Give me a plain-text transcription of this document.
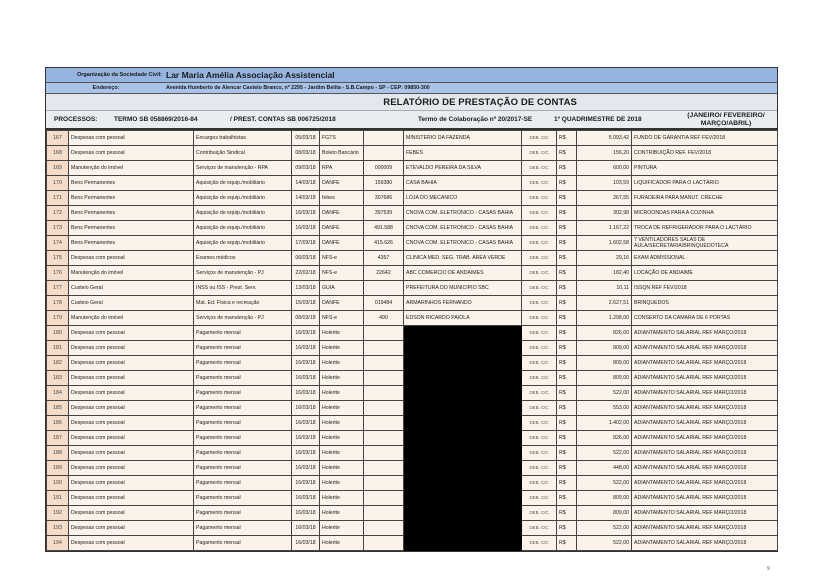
Organização da Sociedade Civil: Lar Maria Amélia Associação Assistencial
Endereço:	Avenida Humberto de Alencar Castelo Branco, nº 2295 - Jardim Belita - S.B.Campo - SP - CEP: 09850-300
RELATÓRIO DE PRESTAÇÃO DE CONTAS
PROCESSOS:	TERMO SB 058869/2016-84	/ PREST. CONTAS SB 006725/2018	Termo de Colaboração nº 20/2017-SE	1º QUADRIMESTRE DE 2018
(JANEIRO/ FEVEREIRO/
MARÇO/ABRIL)
167	Despesas com pessoal	Encargos trabalhistas	05/03/18	FGTS		MINISTERIO DA FAZENDA	DEB. C/C	R$	5.093,42	FUNDO DE GARANTIA REF FEV/2018
168	Despesas com pessoal	Contribuição Sindical	08/03/18	Boleto Bancário		FEBES	DEB. C/C	R$	156,20	CONTRIBUIÇÃO REF. FEV/2018
169	Manutenção do imóvel	Serviços de manutenção - RPA	09/03/18	RPA	000009	ETEVALDO PEREIRA DA SILVA	DEB. C/C	R$	600,00	PINTURA
170	Bens Permanentes	Aquisição de equip./mobiliário	14/03/18	DANFE	159380	CASA BAHIA	DEB. C/C	R$	103,59	LIQUIFICADOR PARA O LACTÁRIO
171	Bens Permanentes	Aquisição de equip./mobiliário	14/03/18	febes	307686	LOJA DO MECANICO	DEB. C/C	R$	267,55	FURADEIRA PARA MANUT. CRECHE
172	Bens Permanentes	Aquisição de equip./mobiliário	16/03/18	DANFE	397539	CNOVA COM. ELETRONICO - CASAS BAHIA	DEB. C/C	R$	302,98	MICROONDAS PARA A COZINHA
173	Bens Permanentes	Aquisição de equip./mobiliário	16/03/18	DANFE	491.588	CNOVA COM. ELETRONICO - CASAS BAHIA	DEB. C/C	R$	1.167,22	TROCA DE REFRIGERADOR PARA O LACTÁRIO
174	Bens Permanentes	Aquisição de equip./mobiliário	17/03/18	DANFE	415.626	CNOVA COM. ELETRONICO - CASAS BAHIA	DEB. C/C	R$	1.602,58	7 VENTILADORES SALAS DE AULA/SECRETARIA/BRINQUEDOTECA
175	Despesas com pessoal	Exames médicos	06/03/18	NFS-e	4357	CLINICA MED. SEG. TRAB. AREA VERDE	DEB. C/C	R$	29,16	EXAM ADMISSIONAL
176	Manutenção do imóvel	Serviços de manutenção - PJ	22/02/18	NFS-e	22642	ABC COMERCIO DE ANDAIMES	DEB. C/C	R$	182,40	LOCAÇÃO DE ANDAIME
177	Custeio Geral	INSS ou ISS - Prest. Serv.	13/03/18	GUIA		PREFEITURA DO MUNICIPIO SBC	DEB. C/C	R$	10,11	ISSQN REF FEV/2018
178	Custeio Geral	Mat. Ed. Física e recreação	15/03/18	DANFE	019484	ARMARINHOS FERNANDO	DEB. C/C	R$	2.627,51	BRINQUEDOS
179	Manutenção do imóvel	Serviços de manutenção - PJ	08/03/18	NFS-e	490	EDSON RICARDO PAIOLA	DEB. C/C	R$	1.298,00	CONSERTO DA CAMARA DE 6 PORTAS
180	Despesas com pessoal	Pagamento mensal	16/03/18	Holerite			DEB. C/C	R$	826,00	ADIANTAMENTO SALARIAL REF MARÇO/2018
181	Despesas com pessoal	Pagamento mensal	16/03/18	Holerite			DEB. C/C	R$	809,00	ADIANTAMENTO SALARIAL REF MARÇO/2018
182	Despesas com pessoal	Pagamento mensal	16/03/18	Holerite			DEB. C/C	R$	809,00	ADIANTAMENTO SALARIAL REF MARÇO/2018
183	Despesas com pessoal	Pagamento mensal	16/03/18	Holerite			DEB. C/C	R$	809,00	ADIANTAMENTO SALARIAL REF MARÇO/2018
184	Despesas com pessoal	Pagamento mensal	16/03/18	Holerite			DEB. C/C	R$	522,00	ADIANTAMENTO SALARIAL REF MARÇO/2018
185	Despesas com pessoal	Pagamento mensal	16/03/18	Holerite			DEB. C/C	R$	553,00	ADIANTAMENTO SALARIAL REF MARÇO/2018
186	Despesas com pessoal	Pagamento mensal	16/03/18	Holerite			DEB. C/C	R$	1.402,00	ADIANTAMENTO SALARIAL REF MARÇO/2018
187	Despesas com pessoal	Pagamento mensal	16/03/18	Holerite			DEB. C/C	R$	826,00	ADIANTAMENTO SALARIAL REF MARÇO/2018
188	Despesas com pessoal	Pagamento mensal	16/03/18	Holerite			DEB. C/C	R$	522,00	ADIANTAMENTO SALARIAL REF MARÇO/2018
189	Despesas com pessoal	Pagamento mensal	16/03/18	Holerite			DEB. C/C	R$	448,00	ADIANTAMENTO SALARIAL REF MARÇO/2018
190	Despesas com pessoal	Pagamento mensal	16/03/18	Holerite			DEB. C/C	R$	522,00	ADIANTAMENTO SALARIAL REF MARÇO/2018
191	Despesas com pessoal	Pagamento mensal	16/03/18	Holerite			DEB. C/C	R$	809,00	ADIANTAMENTO SALARIAL REF MARÇO/2018
192	Despesas com pessoal	Pagamento mensal	16/03/18	Holerite			DEB. C/C	R$	809,00	ADIANTAMENTO SALARIAL REF MARÇO/2018
193	Despesas com pessoal	Pagamento mensal	16/03/18	Holerite			DEB. C/C	R$	522,00	ADIANTAMENTO SALARIAL REF MARÇO/2018
194	Despesas com pessoal	Pagamento mensal	16/03/18	Holerite			DEB. C/C	R$	522,00	ADIANTAMENTO SALARIAL REF MARÇO/2018
9
